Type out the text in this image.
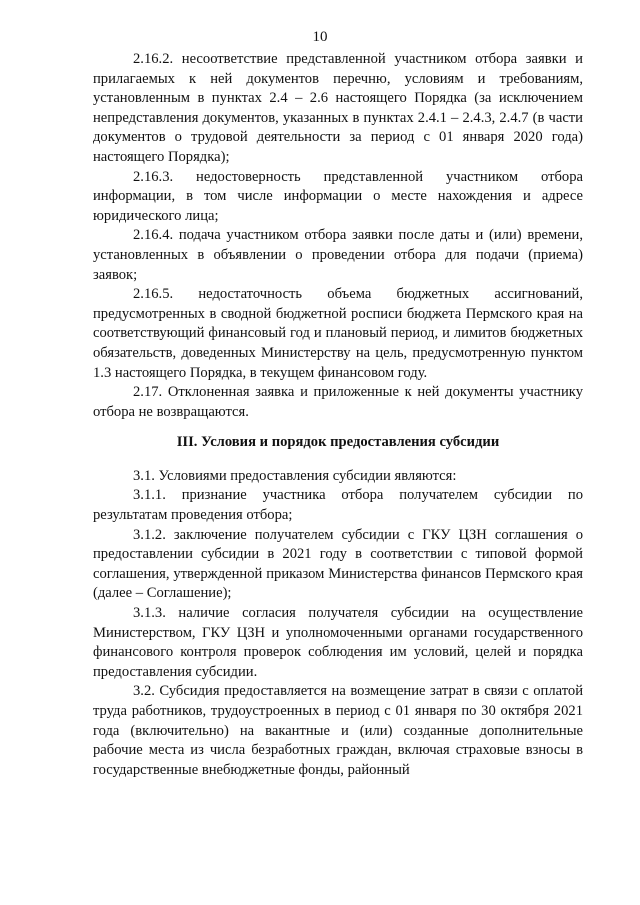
10

2.16.2. несоответствие представленной участником отбора заявки и прилагаемых к ней документов перечню, условиям и требованиям, установленным в пунктах 2.4 – 2.6 настоящего Порядка (за исключением непредставления документов, указанных в пунктах 2.4.1 – 2.4.3, 2.4.7 (в части документов о трудовой деятельности за период с 01 января 2020 года) настоящего Порядка);

2.16.3. недостоверность представленной участником отбора информации, в том числе информации о месте нахождения и адресе юридического лица;

2.16.4. подача участником отбора заявки после даты и (или) времени, установленных в объявлении о проведении отбора для подачи (приема) заявок;

2.16.5. недостаточность объема бюджетных ассигнований, предусмотренных в сводной бюджетной росписи бюджета Пермского края на соответствующий финансовый год и плановый период, и лимитов бюджетных обязательств, доведенных Министерству на цель, предусмотренную пунктом 1.3 настоящего Порядка, в текущем финансовом году.

2.17. Отклоненная заявка и приложенные к ней документы участнику отбора не возвращаются.

III. Условия и порядок предоставления субсидии

3.1. Условиями предоставления субсидии являются:

3.1.1. признание участника отбора получателем субсидии по результатам проведения отбора;

3.1.2. заключение получателем субсидии с ГКУ ЦЗН соглашения о предоставлении субсидии в 2021 году в соответствии с типовой формой соглашения, утвержденной приказом Министерства финансов Пермского края (далее – Соглашение);

3.1.3. наличие согласия получателя субсидии на осуществление Министерством, ГКУ ЦЗН и уполномоченными органами государственного финансового контроля проверок соблюдения им условий, целей и порядка предоставления субсидии.

3.2. Субсидия предоставляется на возмещение затрат в связи с оплатой труда работников, трудоустроенных в период с 01 января по 30 октября 2021 года (включительно) на вакантные и (или) созданные дополнительные рабочие места из числа безработных граждан, включая страховые взносы в государственные внебюджетные фонды, районный
